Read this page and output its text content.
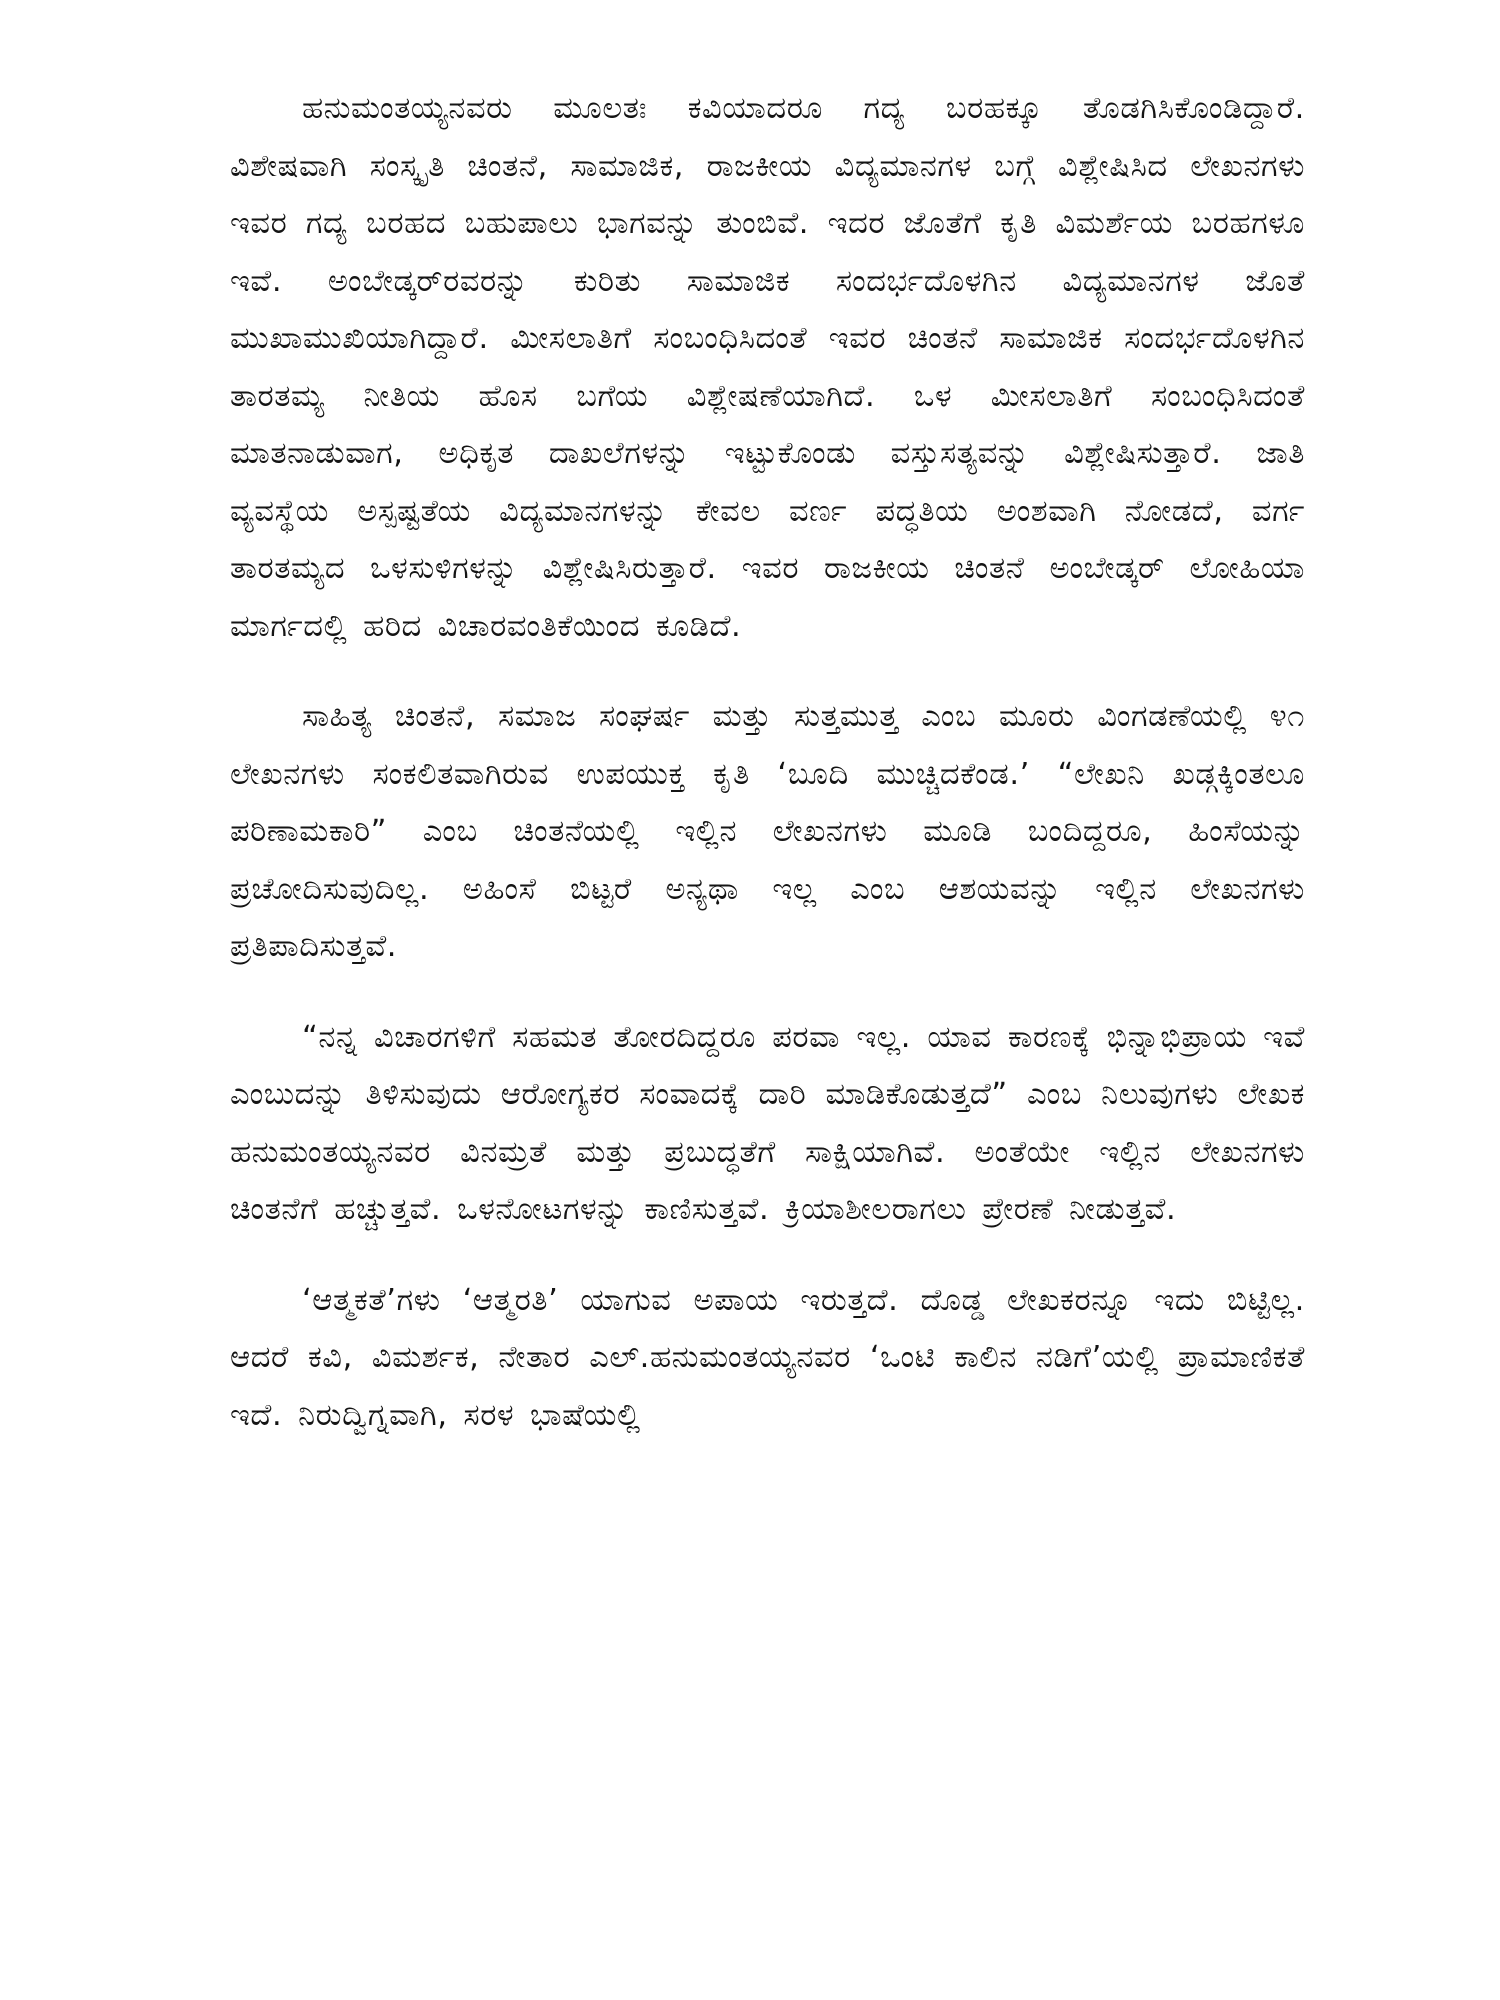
ಹನುಮಂತಯ್ಯನವರು ಮೂಲತಃ ಕವಿಯಾದರೂ ಗದ್ಯ ಬರಹಕ್ಕೂ ತೊಡಗಿಸಿಕೊಂಡಿದ್ದಾರೆ. ವಿಶೇಷವಾಗಿ ಸಂಸ್ಕೃತಿ ಚಿಂತನೆ, ಸಾಮಾಜಿಕ, ರಾಜಕೀಯ ವಿದ್ಯಮಾನಗಳ ಬಗ್ಗೆ ವಿಶ್ಲೇಷಿಸಿದ ಲೇಖನಗಳು ಇವರ ಗದ್ಯ ಬರಹದ ಬಹುಪಾಲು ಭಾಗವನ್ನು ತುಂಬಿವೆ. ಇದರ ಜೊತೆಗೆ ಕೃತಿ ವಿಮರ್ಶೆಯ ಬರಹಗಳೂ ಇವೆ. ಅಂಬೇಡ್ಕರ್‌ರವರನ್ನು ಕುರಿತು ಸಾಮಾಜಿಕ ಸಂದರ್ಭದೊಳಗಿನ ವಿದ್ಯಮಾನಗಳ ಜೊತೆ ಮುಖಾಮುಖಿಯಾಗಿದ್ದಾರೆ. ಮೀಸಲಾತಿಗೆ ಸಂಬಂಧಿಸಿದಂತೆ ಇವರ ಚಿಂತನೆ ಸಾಮಾಜಿಕ ಸಂದರ್ಭದೊಳಗಿನ ತಾರತಮ್ಯ ನೀತಿಯ ಹೊಸ ಬಗೆಯ ವಿಶ್ಲೇಷಣೆಯಾಗಿದೆ. ಒಳ ಮೀಸಲಾತಿಗೆ ಸಂಬಂಧಿಸಿದಂತೆ ಮಾತನಾಡುವಾಗ, ಅಧಿಕೃತ ದಾಖಲೆಗಳನ್ನು ಇಟ್ಟುಕೊಂಡು ವಸ್ತುಸತ್ಯವನ್ನು ವಿಶ್ಲೇಷಿಸುತ್ತಾರೆ. ಜಾತಿ ವ್ಯವಸ್ಥೆಯ ಅಸ್ಪಷ್ಟತೆಯ ವಿದ್ಯಮಾನಗಳನ್ನು ಕೇವಲ ವರ್ಣ ಪದ್ಧತಿಯ ಅಂಶವಾಗಿ ನೋಡದೆ, ವರ್ಗ ತಾರತಮ್ಯದ ಒಳಸುಳಿಗಳನ್ನು ವಿಶ್ಲೇಷಿಸಿರುತ್ತಾರೆ. ಇವರ ರಾಜಕೀಯ ಚಿಂತನೆ ಅಂಬೇಡ್ಕರ್ ಲೋಹಿಯಾ ಮಾರ್ಗದಲ್ಲಿ ಹರಿದ ವಿಚಾರವಂತಿಕೆಯಿಂದ ಕೂಡಿದೆ.

ಸಾಹಿತ್ಯ ಚಿಂತನೆ, ಸಮಾಜ ಸಂಘರ್ಷ ಮತ್ತು ಸುತ್ತಮುತ್ತ ಎಂಬ ಮೂರು ವಿಂಗಡಣೆಯಲ್ಲಿ ೪೧ ಲೇಖನಗಳು ಸಂಕಲಿತವಾಗಿರುವ ಉಪಯುಕ್ತ ಕೃತಿ ‘ಬೂದಿ ಮುಚ್ಚಿದಕೆಂಡ.’ “ಲೇಖನಿ ಖಡ್ಗಕ್ಕಿಂತಲೂ ಪರಿಣಾಮಕಾರಿ” ಎಂಬ ಚಿಂತನೆಯಲ್ಲಿ ಇಲ್ಲಿನ ಲೇಖನಗಳು ಮೂಡಿ ಬಂದಿದ್ದರೂ, ಹಿಂಸೆಯನ್ನು ಪ್ರಚೋದಿಸುವುದಿಲ್ಲ. ಅಹಿಂಸೆ ಬಿಟ್ಟರೆ ಅನ್ಯಥಾ ಇಲ್ಲ ಎಂಬ ಆಶಯವನ್ನು ಇಲ್ಲಿನ ಲೇಖನಗಳು ಪ್ರತಿಪಾದಿಸುತ್ತವೆ.

“ನನ್ನ ವಿಚಾರಗಳಿಗೆ ಸಹಮತ ತೋರದಿದ್ದರೂ ಪರವಾ ಇಲ್ಲ. ಯಾವ ಕಾರಣಕ್ಕೆ ಭಿನ್ನಾಭಿಪ್ರಾಯ ಇವೆ ಎಂಬುದನ್ನು ತಿಳಿಸುವುದು ಆರೋಗ್ಯಕರ ಸಂವಾದಕ್ಕೆ ದಾರಿ ಮಾಡಿಕೊಡುತ್ತದೆ” ಎಂಬ ನಿಲುವುಗಳು ಲೇಖಕ ಹನುಮಂತಯ್ಯನವರ ವಿನಮ್ರತೆ ಮತ್ತು ಪ್ರಬುದ್ಧತೆಗೆ ಸಾಕ್ಷಿಯಾಗಿವೆ. ಅಂತೆಯೇ ಇಲ್ಲಿನ ಲೇಖನಗಳು ಚಿಂತನೆಗೆ ಹಚ್ಚುತ್ತವೆ. ಒಳನೋಟಗಳನ್ನು ಕಾಣಿಸುತ್ತವೆ. ಕ್ರಿಯಾಶೀಲರಾಗಲು ಪ್ರೇರಣೆ ನೀಡುತ್ತವೆ.

‘ಆತ್ಮಕತೆ’ಗಳು ‘ಆತ್ಮರತಿ’ ಯಾಗುವ ಅಪಾಯ ಇರುತ್ತದೆ. ದೊಡ್ಡ ಲೇಖಕರನ್ನೂ ಇದು ಬಿಟ್ಟಿಲ್ಲ. ಆದರೆ ಕವಿ, ವಿಮರ್ಶಕ, ನೇತಾರ ಎಲ್.ಹನುಮಂತಯ್ಯನವರ ‘ಒಂಟಿ ಕಾಲಿನ ನಡಿಗೆ’ಯಲ್ಲಿ ಪ್ರಾಮಾಣಿಕತೆ ಇದೆ. ನಿರುದ್ವಿಗ್ನವಾಗಿ, ಸರಳ ಭಾಷೆಯಲ್ಲಿ
